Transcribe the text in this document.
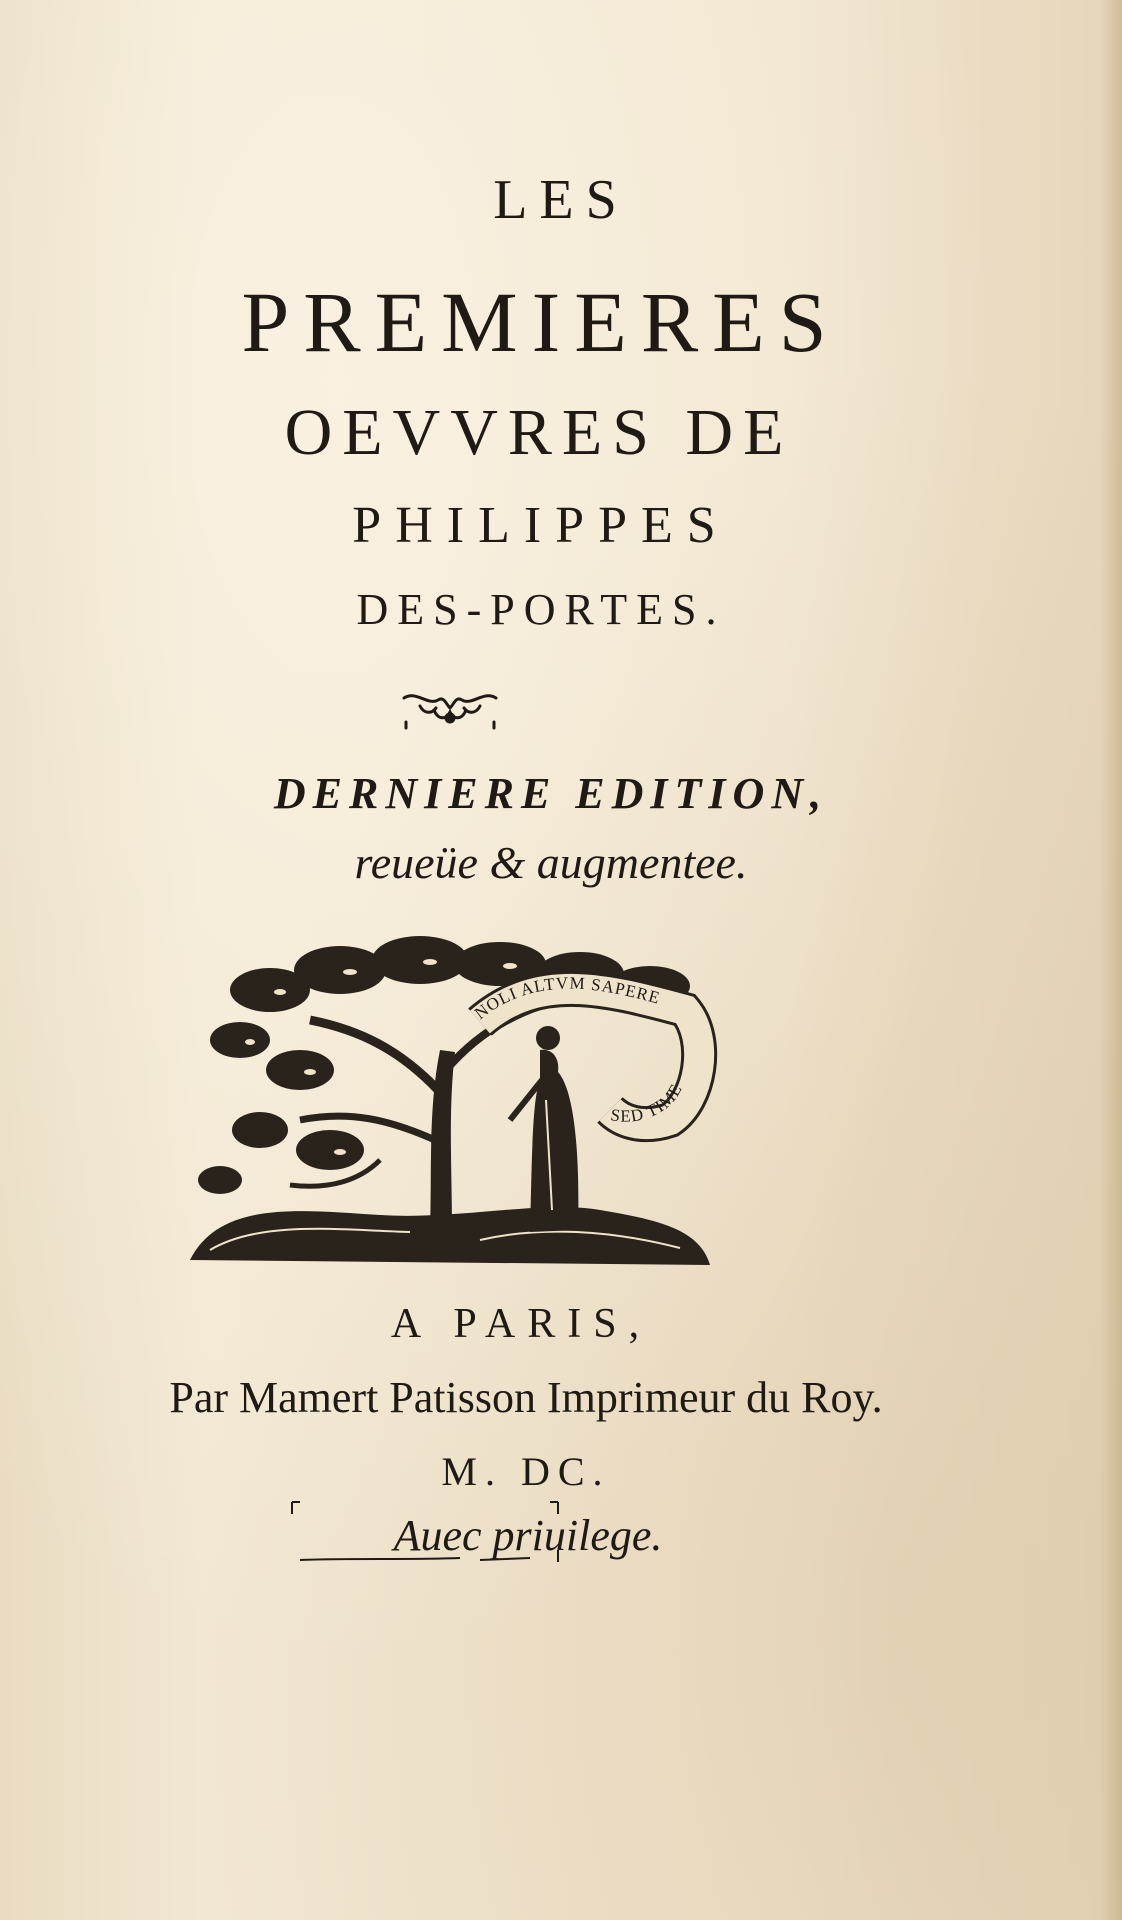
LES

PREMIERES

OEVVRES DE

PHILIPPES

DES-PORTES.

DERNIERE EDITION,

reueüe & augmentee.

NOLI ALTVM SAPERE
SED TIME

A PARIS,

Par Mamert Patisson Imprimeur du Roy.

M. DC.

Auec priuilege.
